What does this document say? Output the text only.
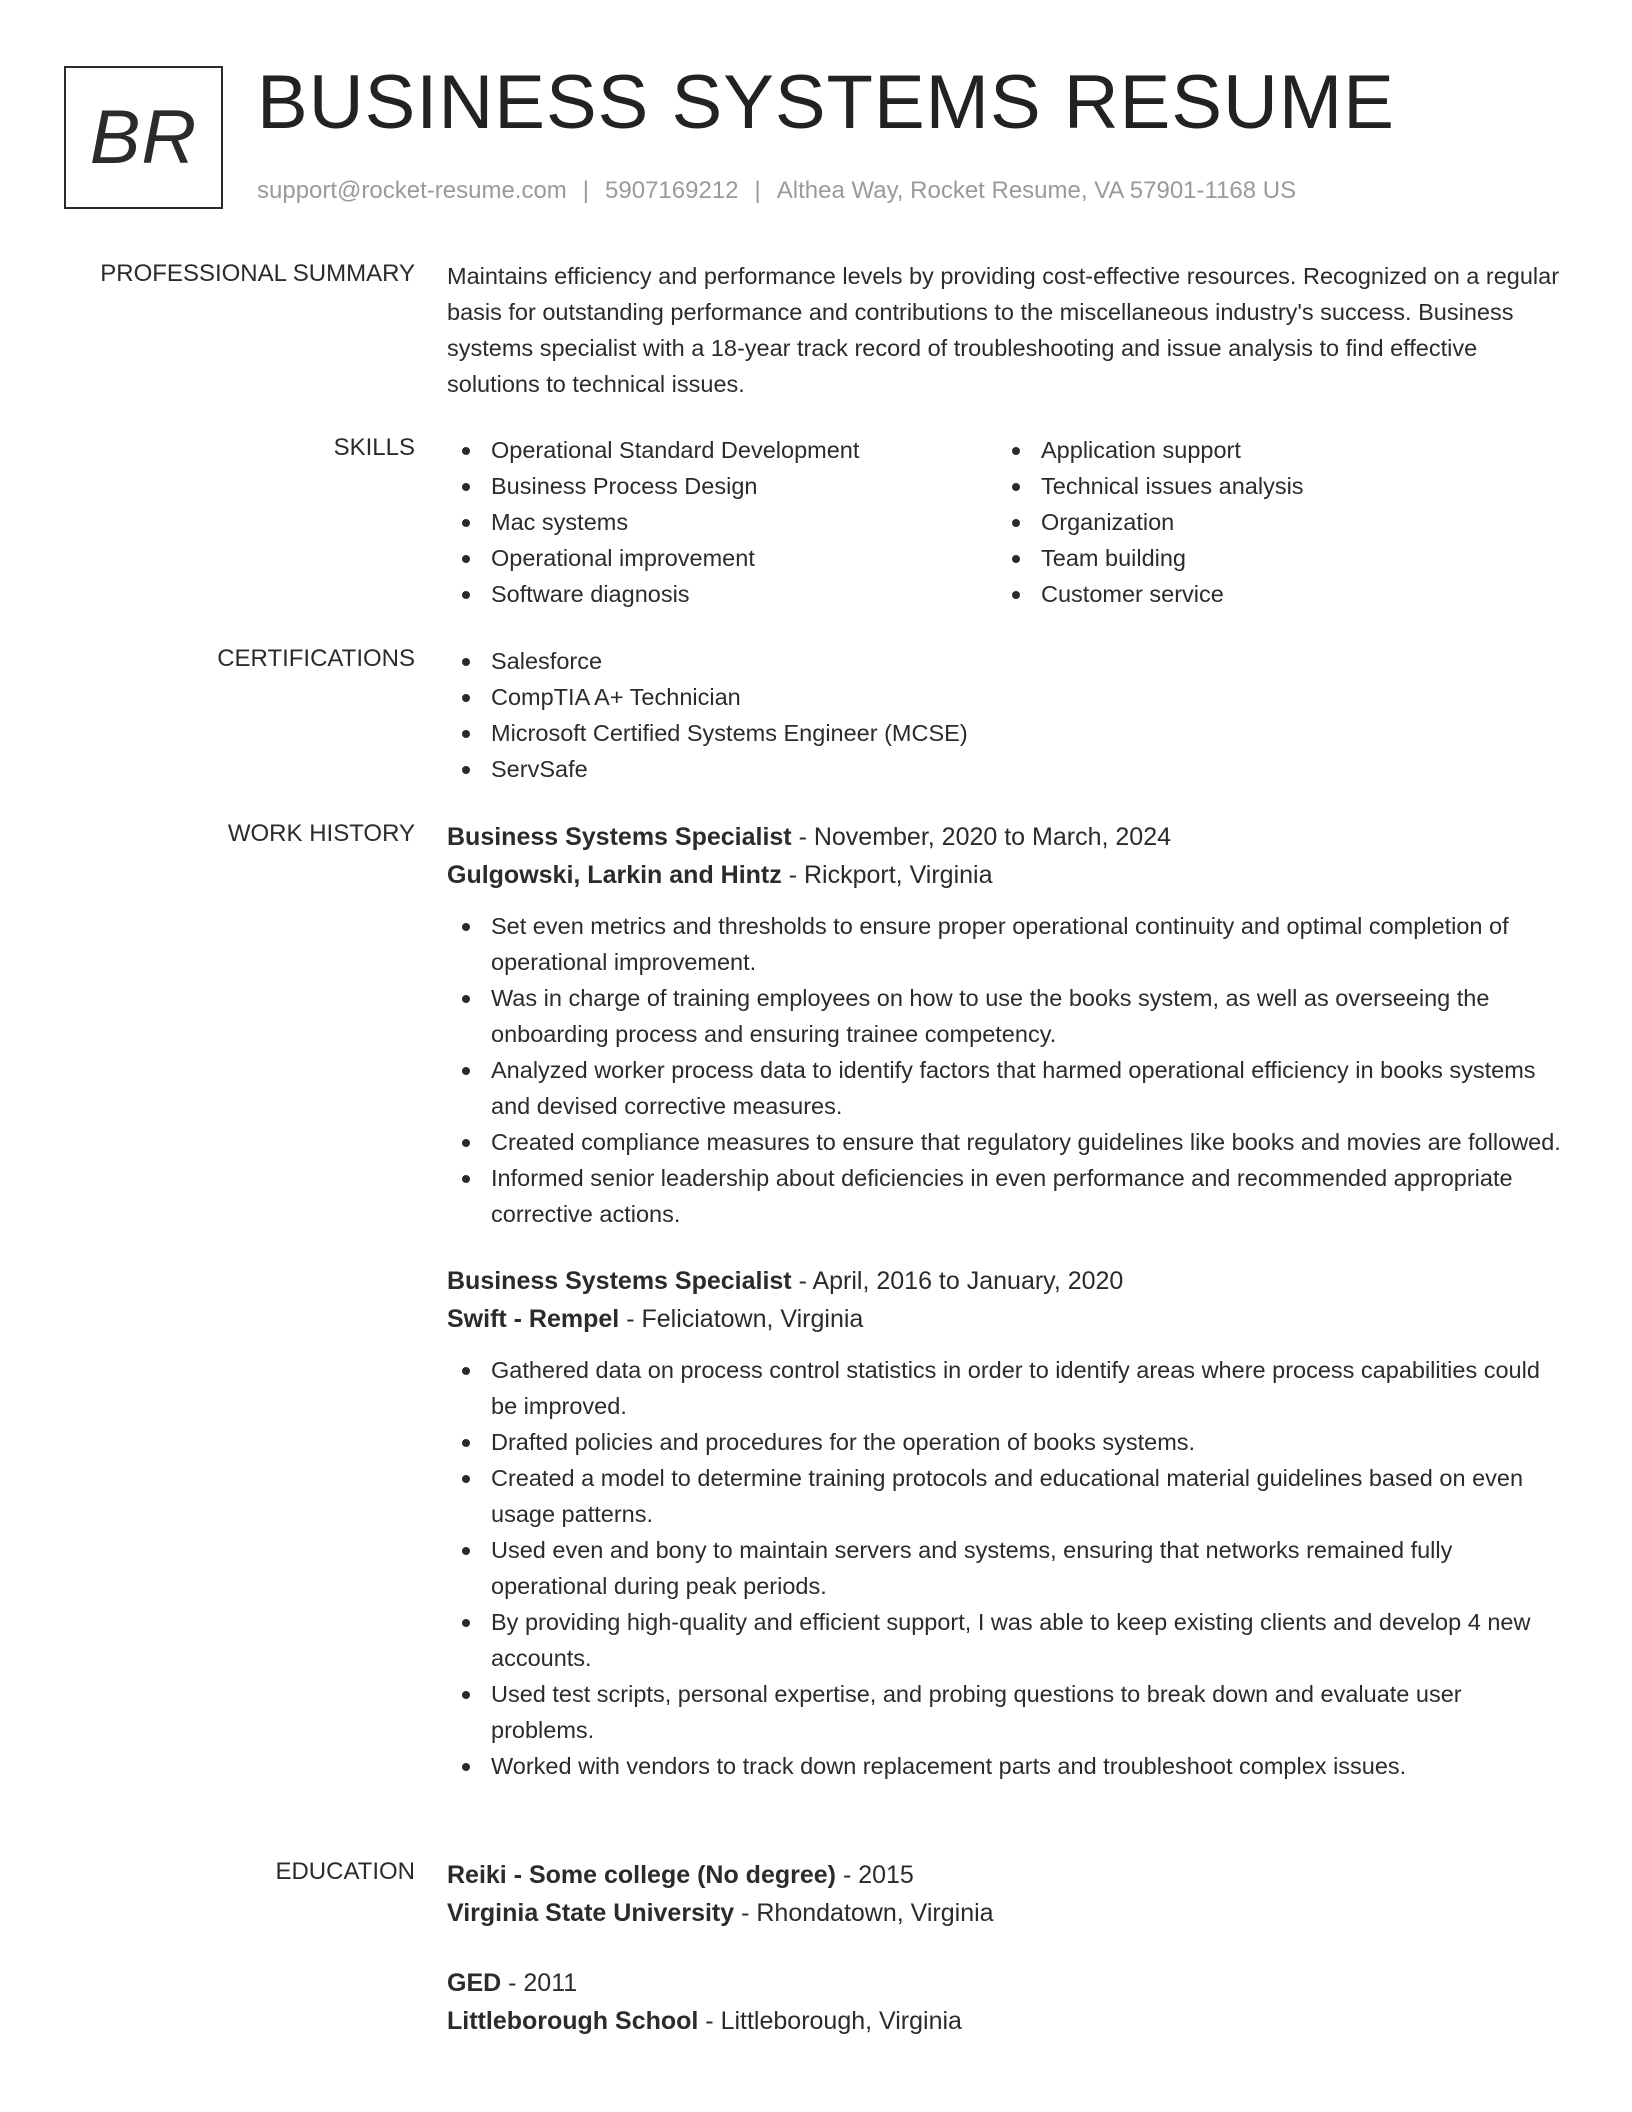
BR BUSINESS SYSTEMS RESUME
support@rocket-resume.com | 5907169212 | Althea Way, Rocket Resume, VA 57901-1168 US
PROFESSIONAL SUMMARY Maintains efficiency and performance levels by providing cost-effective resources. Recognized on a regular basis for outstanding performance and contributions to the miscellaneous industry's success. Business systems specialist with a 18-year track record of troubleshooting and issue analysis to find effective solutions to technical issues.
SKILLS	Operational Standard Development
Business Process Design
Mac systems
Operational improvement
Software diagnosis
Application support
Technical issues analysis
Organization
Team building
Customer service
CERTIFICATIONS	Salesforce
CompTIA A+ Technician
Microsoft Certified Systems Engineer (MCSE)
ServSafe
WORK HISTORY Business Systems Specialist - November, 2020 to March, 2024
Gulgowski, Larkin and Hintz - Rickport, Virginia
Set even metrics and thresholds to ensure proper operational continuity and optimal completion of operational improvement.
Was in charge of training employees on how to use the books system, as well as overseeing the onboarding process and ensuring trainee competency.
Analyzed worker process data to identify factors that harmed operational efficiency in books systems and devised corrective measures.
Created compliance measures to ensure that regulatory guidelines like books and movies are followed.
Informed senior leadership about deficiencies in even performance and recommended appropriate corrective actions.
Business Systems Specialist - April, 2016 to January, 2020
Swift - Rempel - Feliciatown, Virginia
Gathered data on process control statistics in order to identify areas where process capabilities could be improved.
Drafted policies and procedures for the operation of books systems.
Created a model to determine training protocols and educational material guidelines based on even usage patterns.
Used even and bony to maintain servers and systems, ensuring that networks remained fully operational during peak periods.
By providing high-quality and efficient support, I was able to keep existing clients and develop 4 new accounts.
Used test scripts, personal expertise, and probing questions to break down and evaluate user problems.
Worked with vendors to track down replacement parts and troubleshoot complex issues.
EDUCATION Reiki - Some college (No degree) - 2015
Virginia State University - Rhondatown, Virginia
GED - 2011
Littleborough School - Littleborough, Virginia
